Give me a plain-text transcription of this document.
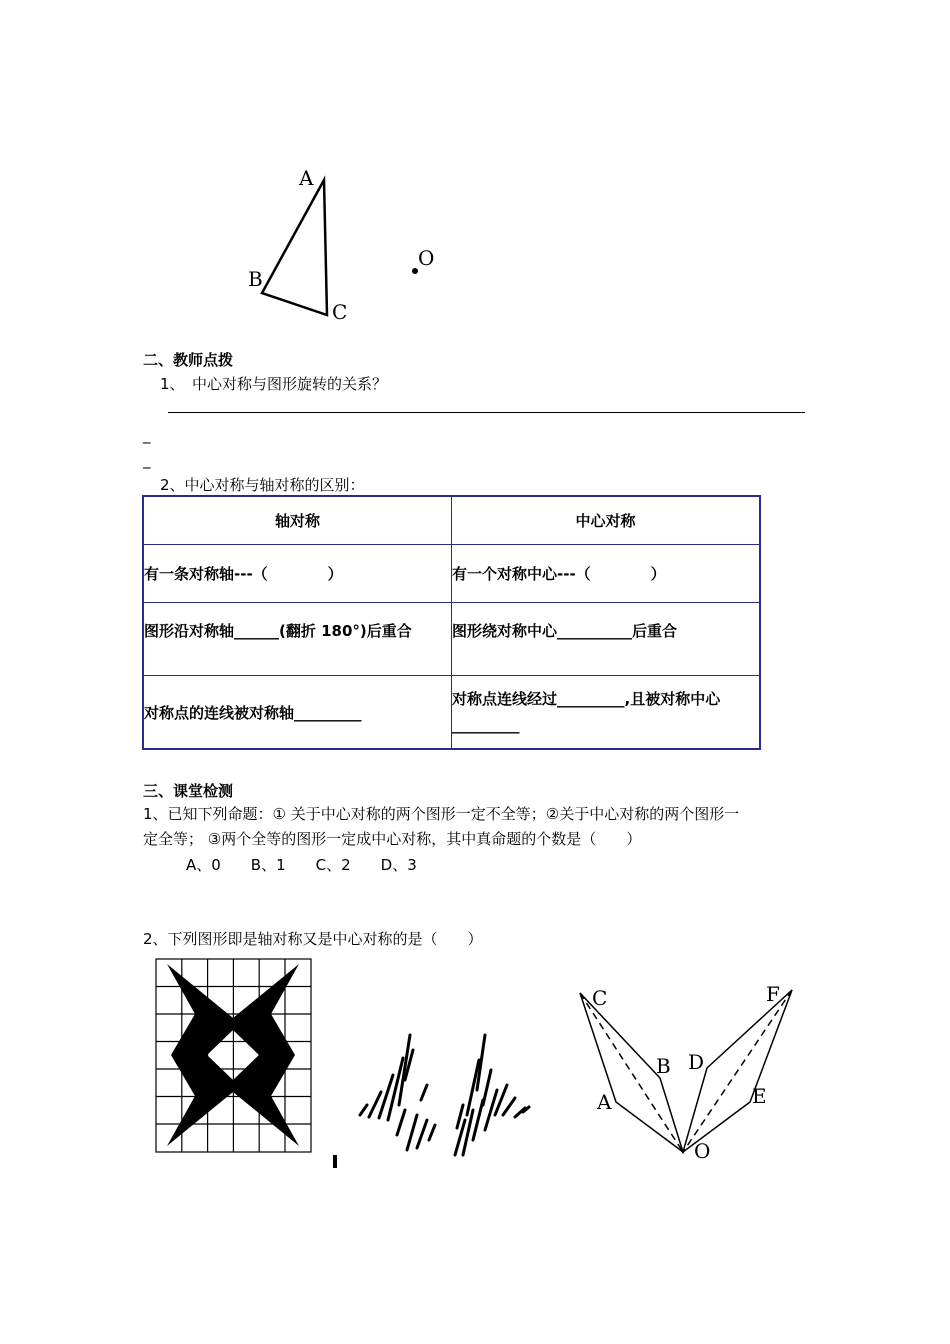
A
B
C
O
二、教师点拨
1、　中心对称与图形旋转的关系？
_
_
2、中心对称与轴对称的区别：
轴对称	中心对称
有一条对称轴---（　　　　）	有一个对称中心---（　　　　）
图形沿对称轴______(翻折 180°)后重合	图形绕对称中心__________后重合
对称点的连线被对称轴_________	对称点连线经过_________,且被对称中心_________
三、课堂检测
1、已知下列命题：① 关于中心对称的两个图形一定不全等；②关于中心对称的两个图形一
定全等； ③两个全等的图形一定成中心对称，其中真命题的个数是（　　）
A、0　　B、1　　C、2　　D、3
2、下列图形即是轴对称又是中心对称的是（　　）
C
B
A
D
E
F
O
